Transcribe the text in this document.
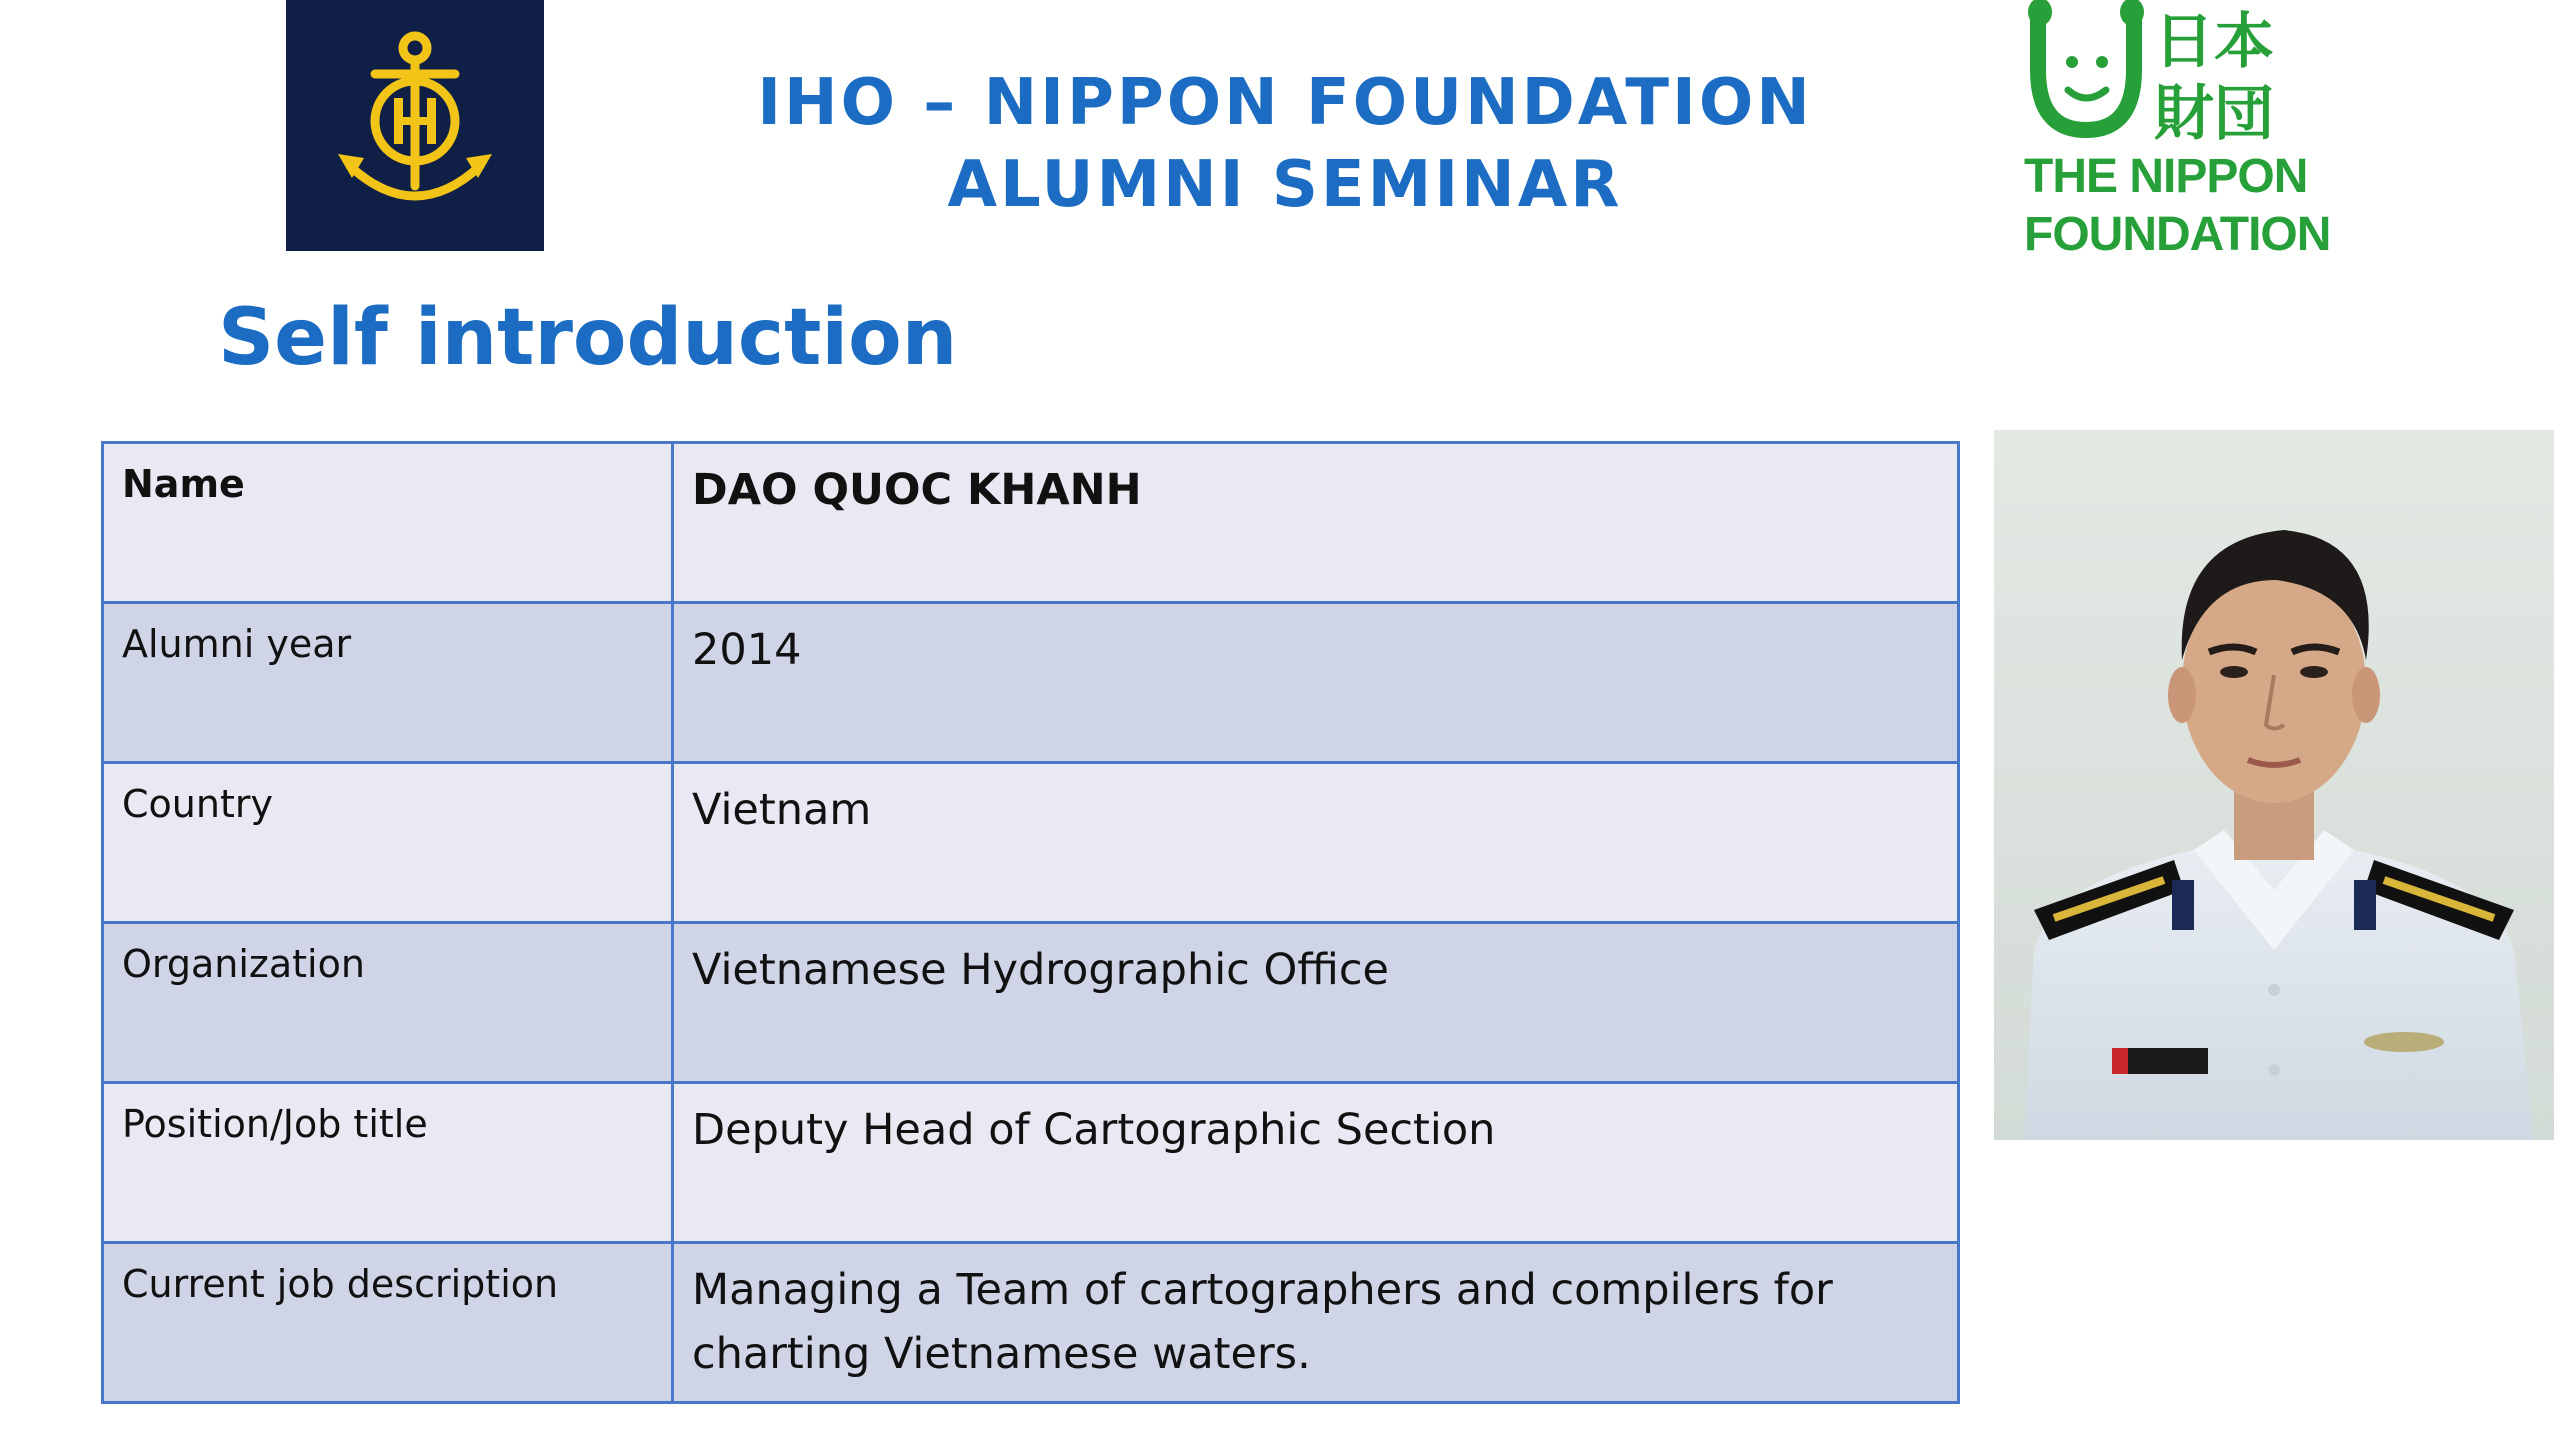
IHO – NIPPON FOUNDATION
ALUMNI SEMINAR
日本
財団
THE NIPPON
FOUNDATION
Self introduction
Name	DAO QUOC KHANH
Alumni year	2014
Country	Vietnam
Organization	Vietnamese Hydrographic Office
Position/Job title	Deputy Head of Cartographic Section
Current job description	Managing a Team of cartographers and compilers for charting Vietnamese waters.
